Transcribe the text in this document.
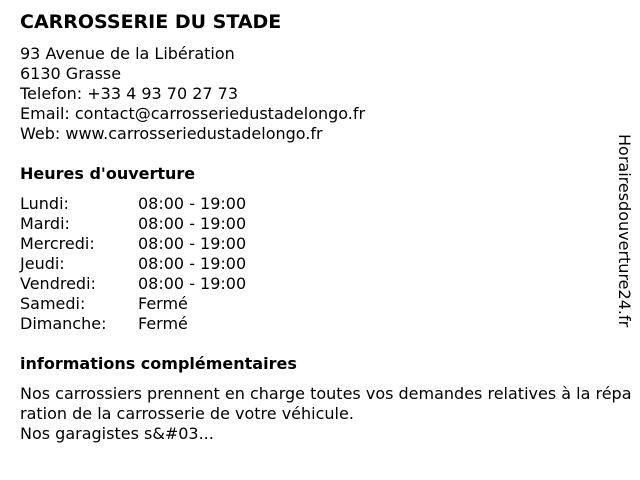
CARROSSERIE DU STADE
93 Avenue de la Libération
6130 Grasse
Telefon: +33 4 93 70 27 73
Email: contact@carrosseriedustadelongo.fr
Web: www.carrosseriedustadelongo.fr
Heures d'ouverture
Lundi:	08:00 - 19:00
Mardi:	08:00 - 19:00
Mercredi:	08:00 - 19:00
Jeudi:	08:00 - 19:00
Vendredi:	08:00 - 19:00
Samedi:	Fermé
Dimanche: Fermé
informations complémentaires
Nos carrossiers prennent en charge toutes vos demandes relatives à la réparation de la carrosserie de votre véhicule.
Nos garagistes s&#03...
Horairesdouverture24.fr
